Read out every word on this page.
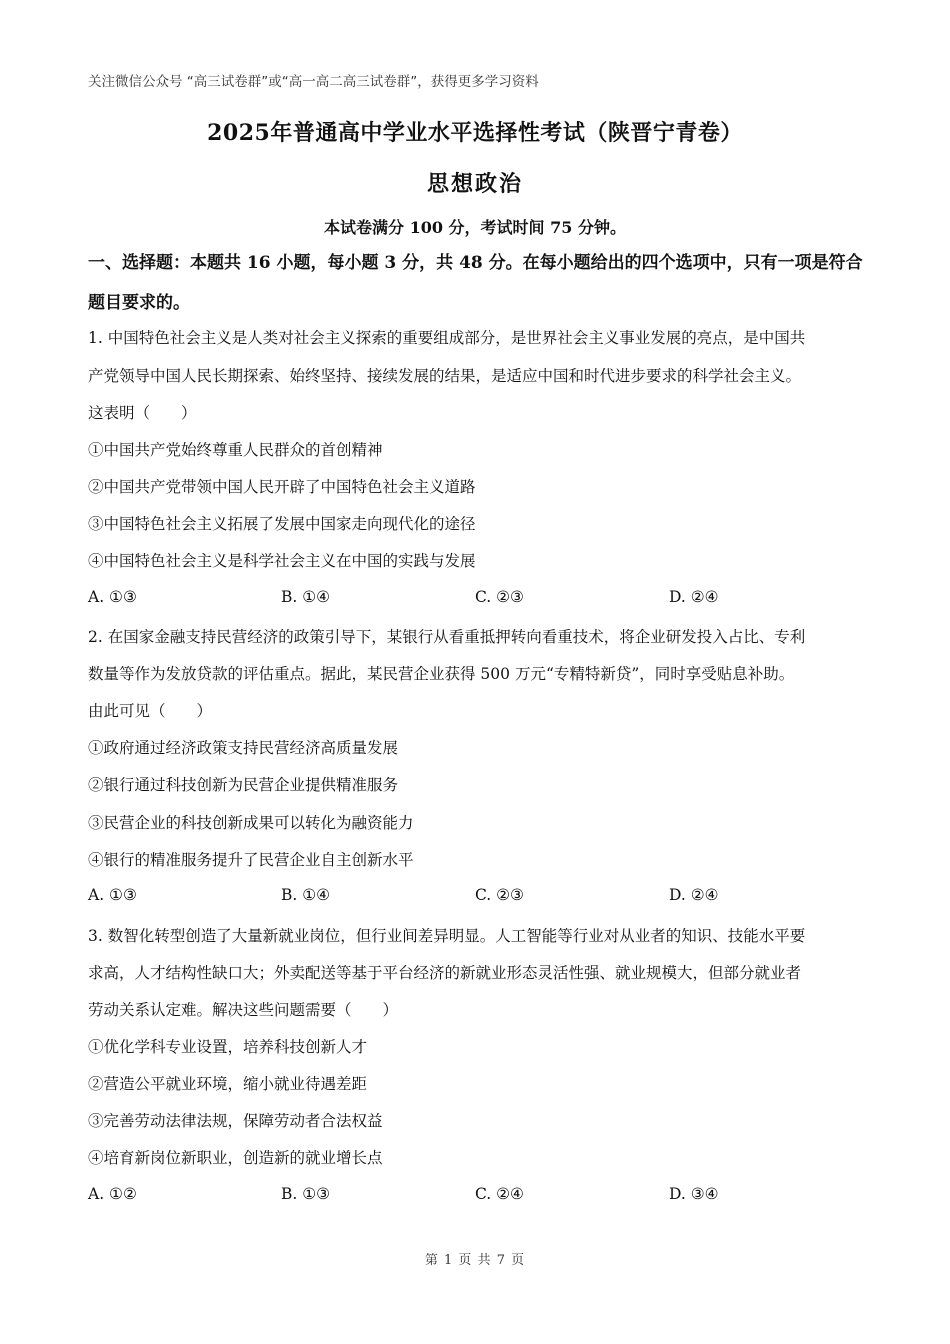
关注微信公众号 “高三试卷群”或“高一高二高三试卷群”，获得更多学习资料
2025年普通高中学业水平选择性考试（陕晋宁青卷）
思想政治
本试卷满分 100 分，考试时间 75 分钟。
一、选择题：本题共 16 小题，每小题 3 分，共 48 分。在每小题给出的四个选项中，只有一项是符合题目要求的。
1. 中国特色社会主义是人类对社会主义探索的重要组成部分，是世界社会主义事业发展的亮点，是中国共
产党领导中国人民长期探索、始终坚持、接续发展的结果，是适应中国和时代进步要求的科学社会主义。
这表明（　　）
①中国共产党始终尊重人民群众的首创精神
②中国共产党带领中国人民开辟了中国特色社会主义道路
③中国特色社会主义拓展了发展中国家走向现代化的途径
④中国特色社会主义是科学社会主义在中国的实践与发展
A. ①③	B. ①④	C. ②③	D. ②④
2. 在国家金融支持民营经济的政策引导下，某银行从看重抵押转向看重技术，将企业研发投入占比、专利
数量等作为发放贷款的评估重点。据此，某民营企业获得 500 万元“专精特新贷”，同时享受贴息补助。
由此可见（　　）
①政府通过经济政策支持民营经济高质量发展
②银行通过科技创新为民营企业提供精准服务
③民营企业的科技创新成果可以转化为融资能力
④银行的精准服务提升了民营企业自主创新水平
A. ①③	B. ①④	C. ②③	D. ②④
3. 数智化转型创造了大量新就业岗位，但行业间差异明显。人工智能等行业对从业者的知识、技能水平要
求高，人才结构性缺口大；外卖配送等基于平台经济的新就业形态灵活性强、就业规模大，但部分就业者
劳动关系认定难。解决这些问题需要（　　）
①优化学科专业设置，培养科技创新人才
②营造公平就业环境，缩小就业待遇差距
③完善劳动法律法规，保障劳动者合法权益
④培育新岗位新职业，创造新的就业增长点
A. ①②	B. ①③	C. ②④	D. ③④
第 1 页 共 7 页
